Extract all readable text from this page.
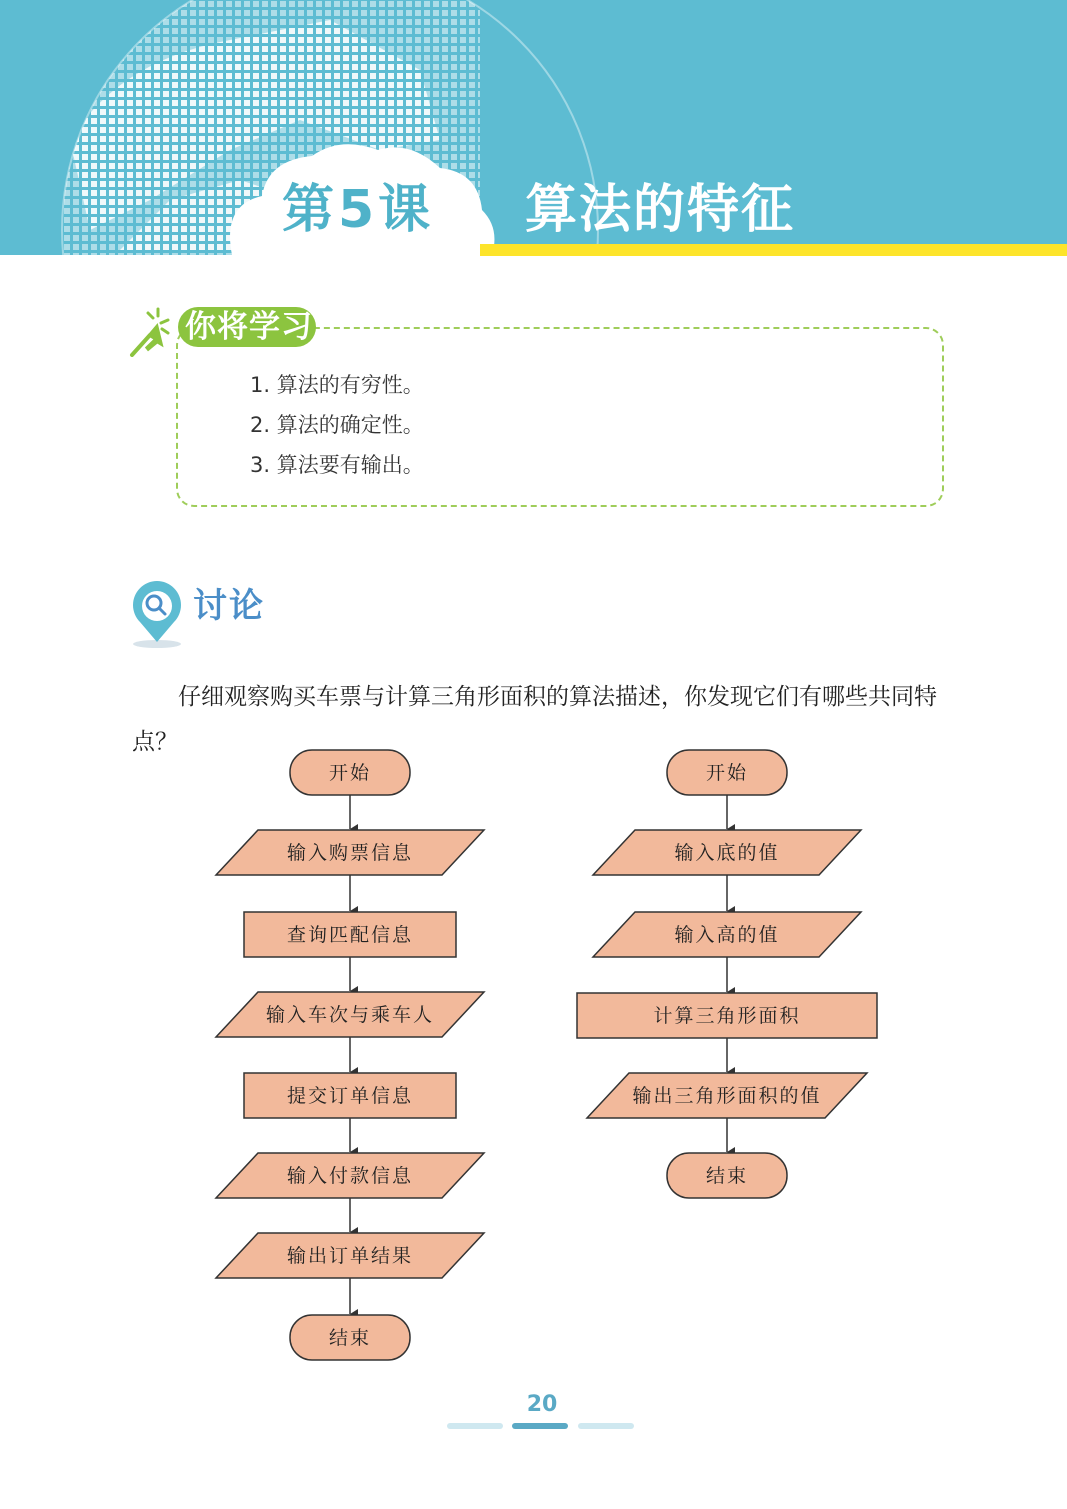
第5课 算法的特征
你将学习
1. 算法的有穷性。
2. 算法的确定性。
3. 算法要有输出。
讨论

仔细观察购买车票与计算三角形面积的算法描述，你发现它们有哪些共同特点？

开始
输入购票信息
查询匹配信息
输入车次与乘车人
提交订单信息
输入付款信息
输出订单结果
结束
开始
输入底的值
输入高的值
计算三角形面积
输出三角形面积的值
结束
20
